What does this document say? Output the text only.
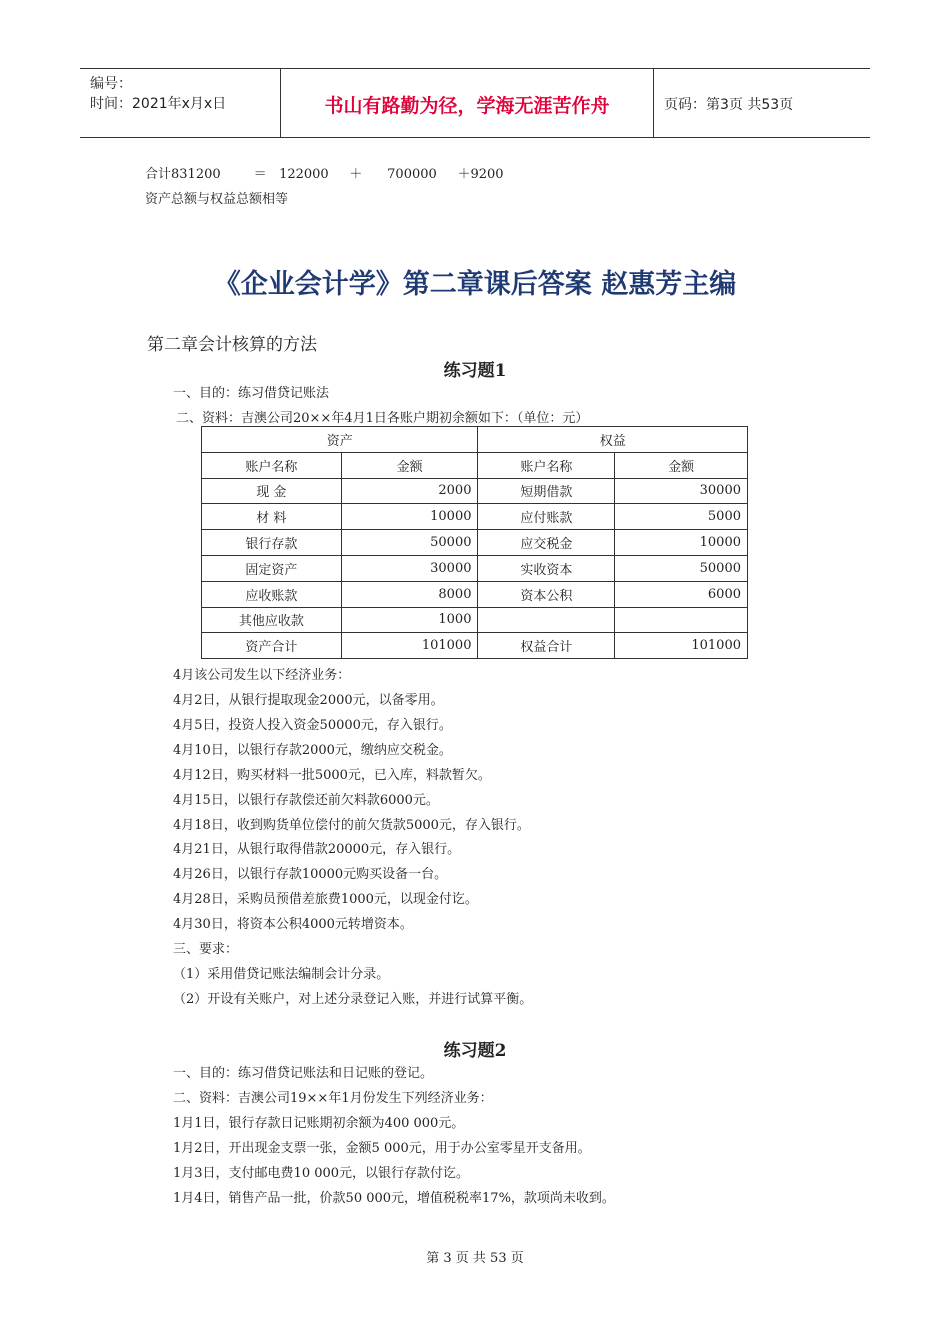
编号：
时间：2021年x月x日	书山有路勤为径，学海无涯苦作舟	页码：第3页 共53页
合计831200        ＝   122000     ＋      700000     ＋9200
资产总额与权益总额相等
《企业会计学》第二章课后答案 赵惠芳主编
第二章会计核算的方法
练习题1
一、目的：练习借贷记账法
二、资料：吉澳公司20××年4月1日各账户期初余额如下：（单位：元）
资产		权益	
账户名称	金额	账户名称	金额
现 金	2000	短期借款	30000
材 料	10000	应付账款	5000
银行存款	50000	应交税金	10000
固定资产	30000	实收资本	50000
应收账款	8000	资本公积	6000
其他应收款	1000		
资产合计	101000	权益合计	101000
4月该公司发生以下经济业务：
4月2日，从银行提取现金2000元，以备零用。
4月5日，投资人投入资金50000元，存入银行。
4月10日，以银行存款2000元，缴纳应交税金。
4月12日，购买材料一批5000元，已入库，料款暂欠。
4月15日，以银行存款偿还前欠料款6000元。
4月18日，收到购货单位偿付的前欠货款5000元，存入银行。
4月21日，从银行取得借款20000元，存入银行。
4月26日，以银行存款10000元购买设备一台。
4月28日，采购员预借差旅费1000元，以现金付讫。
4月30日，将资本公积4000元转增资本。
三、要求：
（1）采用借贷记账法编制会计分录。
（2）开设有关账户，对上述分录登记入账，并进行试算平衡。
练习题2
一、目的：练习借贷记账法和日记账的登记。
二、资料：吉澳公司19××年1月份发生下列经济业务：
1月1日，银行存款日记账期初余额为400 000元。
1月2日，开出现金支票一张，金额5 000元，用于办公室零星开支备用。
1月3日，支付邮电费10 000元，以银行存款付讫。
1月4日，销售产品一批，价款50 000元，增值税税率17%，款项尚未收到。
第 3 页 共 53 页
